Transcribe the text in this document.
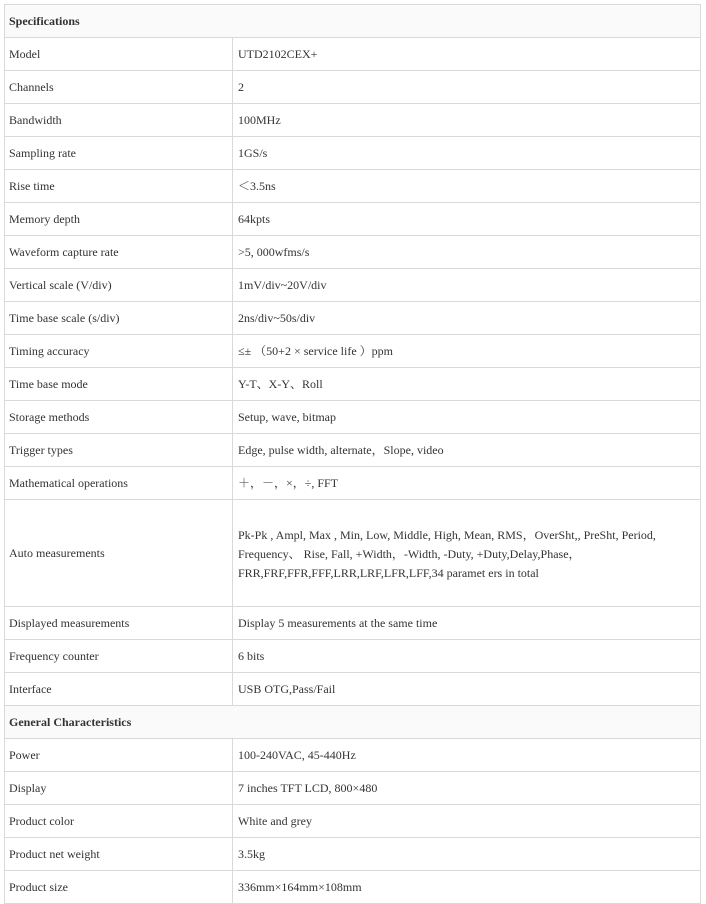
Specifications	
Model	UTD2102CEX+
Channels	2
Bandwidth	100MHz
Sampling rate	1GS/s
Rise time	＜3.5ns
Memory depth	64kpts
Waveform capture rate	>5, 000wfms/s
Vertical scale (V/div)	1mV/div~20V/div
Time base scale (s/div)	2ns/div~50s/div
Timing accuracy	≤± （50+2 × service life ）ppm
Time base mode	Y-T、X-Y、Roll
Storage methods	Setup, wave, bitmap
Trigger types	Edge, pulse width, alternate，Slope, video
Mathematical operations	＋，－，×，÷, FFT
Auto measurements	Pk-Pk , Ampl, Max , Min, Low, Middle, High, Mean, RMS，OverSht,, PreSht, Period,
Frequency、 Rise, Fall, +Width，-Width, -Duty, +Duty,Delay,Phase，
FRR,FRF,FFR,FFF,LRR,LRF,LFR,LFF,34 paramet ers in total

Displayed measurements	Display 5 measurements at the same time
Frequency counter	6 bits
Interface	USB OTG,Pass/Fail
General Characteristics	
Power	100-240VAC, 45-440Hz
Display	7 inches TFT LCD, 800×480
Product color	White and grey
Product net weight	3.5kg
Product size	336mm×164mm×108mm
